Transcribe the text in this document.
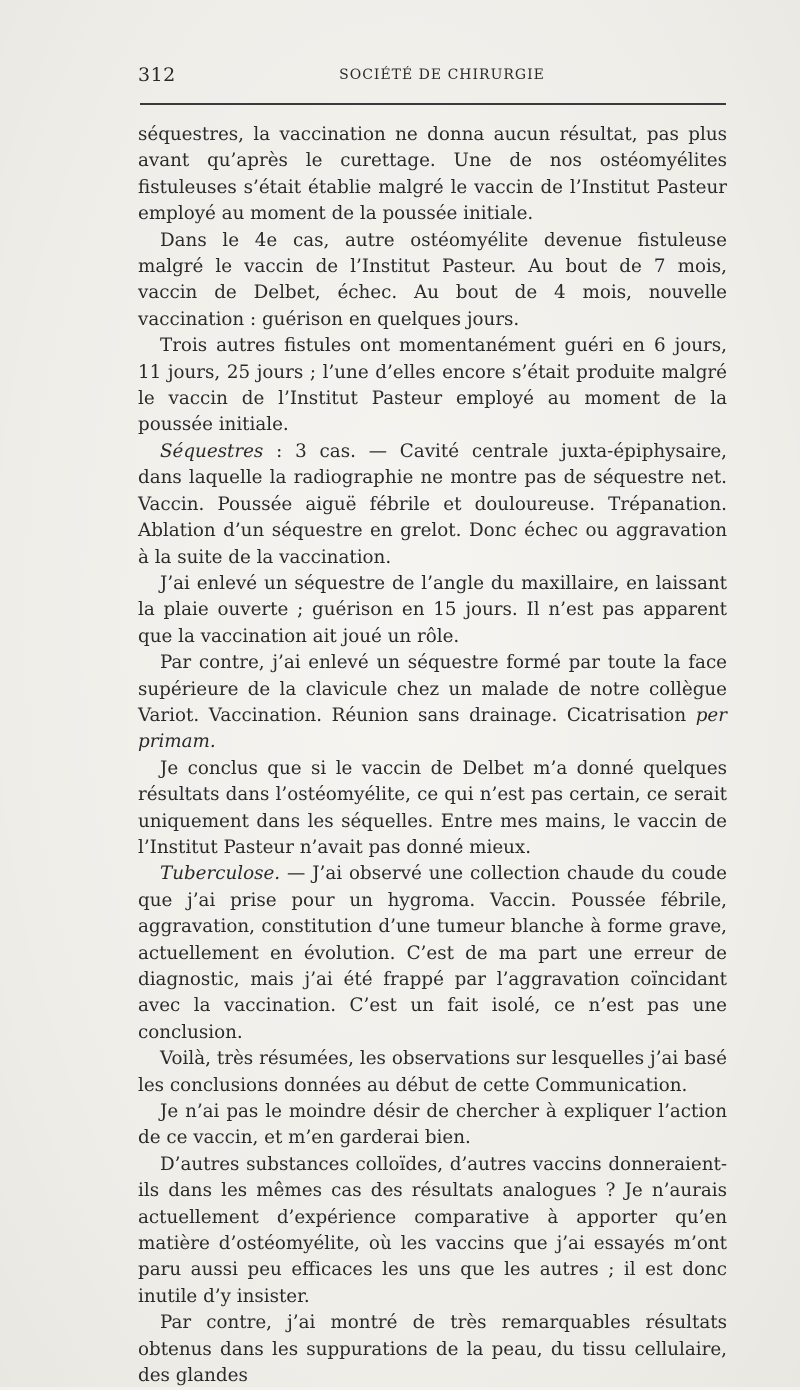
312	SOCIÉTÉ DE CHIRURGIE

séquestres, la vaccination ne donna aucun résultat, pas plus avant qu’après le curettage. Une de nos ostéomyélites fistuleuses s’était établie malgré le vaccin de l’Institut Pasteur employé au moment de la poussée initiale.

Dans le 4e cas, autre ostéomyélite devenue fistuleuse malgré le vaccin de l’Institut Pasteur. Au bout de 7 mois, vaccin de Delbet, échec. Au bout de 4 mois, nouvelle vaccination : guérison en quelques jours.

Trois autres fistules ont momentanément guéri en 6 jours, 11 jours, 25 jours ; l’une d’elles encore s’était produite malgré le vaccin de l’Institut Pasteur employé au moment de la poussée initiale.

Séquestres : 3 cas. — Cavité centrale juxta-épiphysaire, dans laquelle la radiographie ne montre pas de séquestre net. Vaccin. Poussée aiguë fébrile et douloureuse. Trépanation. Ablation d’un séquestre en grelot. Donc échec ou aggravation à la suite de la vaccination.

J’ai enlevé un séquestre de l’angle du maxillaire, en laissant la plaie ouverte ; guérison en 15 jours. Il n’est pas apparent que la vaccination ait joué un rôle.

Par contre, j’ai enlevé un séquestre formé par toute la face supérieure de la clavicule chez un malade de notre collègue Variot. Vaccination. Réunion sans drainage. Cicatrisation per primam.

Je conclus que si le vaccin de Delbet m’a donné quelques résultats dans l’ostéomyélite, ce qui n’est pas certain, ce serait uniquement dans les séquelles. Entre mes mains, le vaccin de l’Institut Pasteur n’avait pas donné mieux.

Tuberculose. — J’ai observé une collection chaude du coude que j’ai prise pour un hygroma. Vaccin. Poussée fébrile, aggravation, constitution d’une tumeur blanche à forme grave, actuellement en évolution. C’est de ma part une erreur de diagnostic, mais j’ai été frappé par l’aggravation coïncidant avec la vaccination. C’est un fait isolé, ce n’est pas une conclusion.

Voilà, très résumées, les observations sur lesquelles j’ai basé les conclusions données au début de cette Communication.

Je n’ai pas le moindre désir de chercher à expliquer l’action de ce vaccin, et m’en garderai bien.

D’autres substances colloïdes, d’autres vaccins donneraient-ils dans les mêmes cas des résultats analogues ? Je n’aurais actuellement d’expérience comparative à apporter qu’en matière d’ostéomyélite, où les vaccins que j’ai essayés m’ont paru aussi peu efficaces les uns que les autres ; il est donc inutile d’y insister.

Par contre, j’ai montré de très remarquables résultats obtenus dans les suppurations de la peau, du tissu cellulaire, des glandes
